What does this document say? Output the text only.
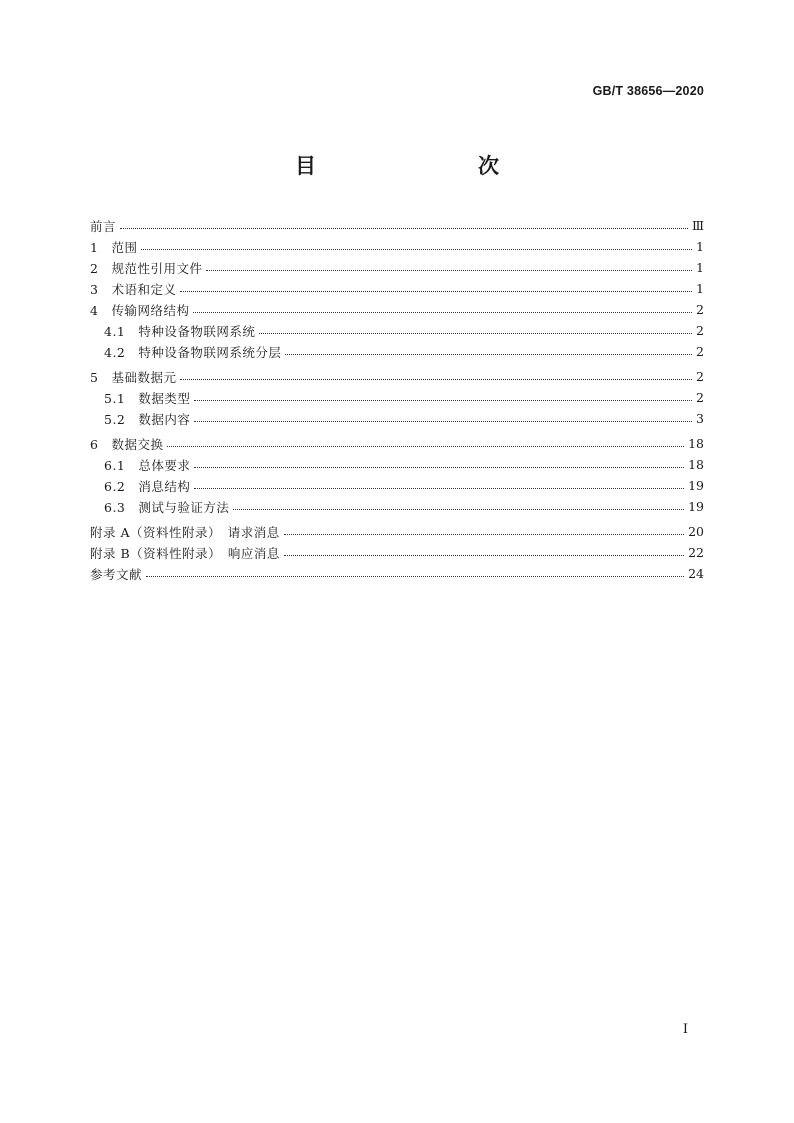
GB/T 38656—2020
目　　次
前言	Ⅲ
1　范围	1
2　规范性引用文件	1
3　术语和定义	1
4　传输网络结构	2
4.1　特种设备物联网系统	2
4.2　特种设备物联网系统分层	2
5　基础数据元	2
5.1　数据类型	2
5.2　数据内容	3
6　数据交换	18
6.1　总体要求	18
6.2　消息结构	19
6.3　测试与验证方法	19
附录 A（资料性附录）　请求消息	20
附录 B（资料性附录）　响应消息	22
参考文献	24
I
